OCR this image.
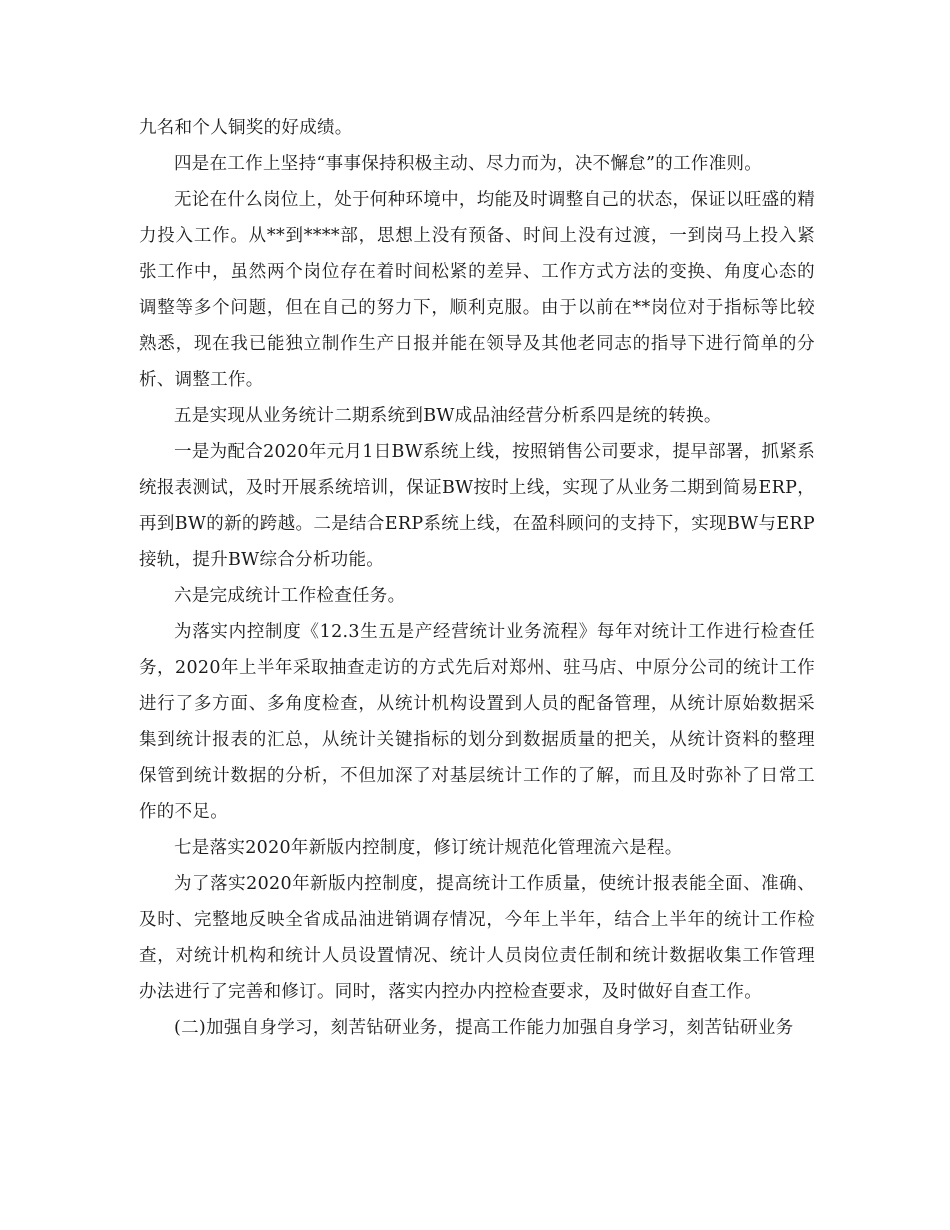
九名和个人铜奖的好成绩。

四是在工作上坚持“事事保持积极主动、尽力而为，决不懈怠”的工作准则。

无论在什么岗位上，处于何种环境中，均能及时调整自己的状态，保证以旺盛的精力投入工作。从**到****部，思想上没有预备、时间上没有过渡，一到岗马上投入紧张工作中，虽然两个岗位存在着时间松紧的差异、工作方式方法的变换、角度心态的调整等多个问题，但在自己的努力下，顺利克服。由于以前在**岗位对于指标等比较熟悉，现在我已能独立制作生产日报并能在领导及其他老同志的指导下进行简单的分析、调整工作。

五是实现从业务统计二期系统到BW成品油经营分析系四是统的转换。

一是为配合2020年元月1日BW系统上线，按照销售公司要求，提早部署，抓紧系统报表测试，及时开展系统培训，保证BW按时上线，实现了从业务二期到简易ERP，再到BW的新的跨越。二是结合ERP系统上线，在盈科顾问的支持下，实现BW与ERP接轨，提升BW综合分析功能。

六是完成统计工作检查任务。

为落实内控制度《12.3生五是产经营统计业务流程》每年对统计工作进行检查任务，2020年上半年采取抽查走访的方式先后对郑州、驻马店、中原分公司的统计工作进行了多方面、多角度检查，从统计机构设置到人员的配备管理，从统计原始数据采集到统计报表的汇总，从统计关键指标的划分到数据质量的把关，从统计资料的整理保管到统计数据的分析，不但加深了对基层统计工作的了解，而且及时弥补了日常工作的不足。

七是落实2020年新版内控制度，修订统计规范化管理流六是程。

为了落实2020年新版内控制度，提高统计工作质量，使统计报表能全面、准确、及时、完整地反映全省成品油进销调存情况，今年上半年，结合上半年的统计工作检查，对统计机构和统计人员设置情况、统计人员岗位责任制和统计数据收集工作管理办法进行了完善和修订。同时，落实内控办内控检查要求，及时做好自查工作。

(二)加强自身学习，刻苦钻研业务，提高工作能力加强自身学习，刻苦钻研业务
